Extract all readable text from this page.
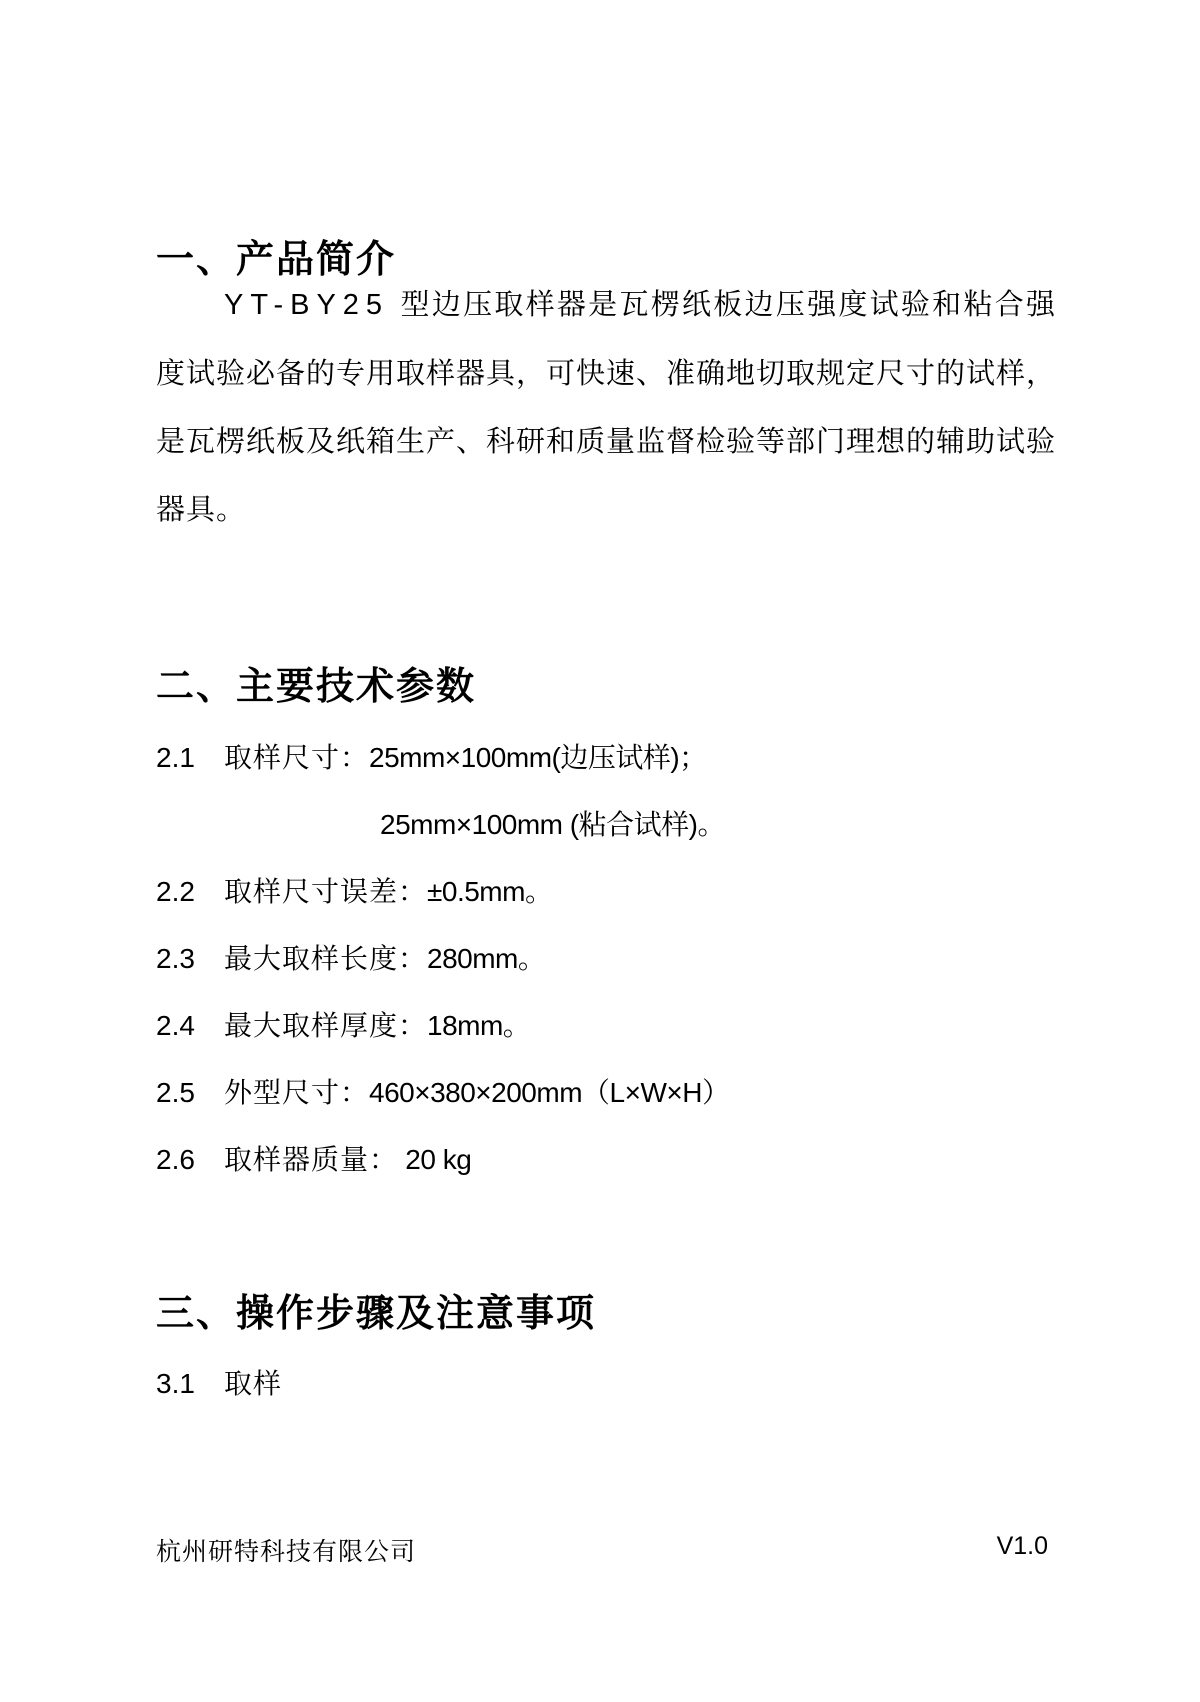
一、产品简介
YT-BY25 型边压取样器是瓦楞纸板边压强度试验和粘合强度试验必备的专用取样器具，可快速、准确地切取规定尺寸的试样，是瓦楞纸板及纸箱生产、科研和质量监督检验等部门理想的辅助试验器具。
二、主要技术参数
2.1 取样尺寸：25mm×100mm(边压试样)；
25mm×100mm (粘合试样)。
2.2 取样尺寸误差：±0.5mm。
2.3 最大取样长度：280mm。
2.4 最大取样厚度：18mm。
2.5 外型尺寸：460×380×200mm（L×W×H）
2.6 取样器质量： 20 kg
三、操作步骤及注意事项
3.1 取样
杭州研特科技有限公司	V1.0
